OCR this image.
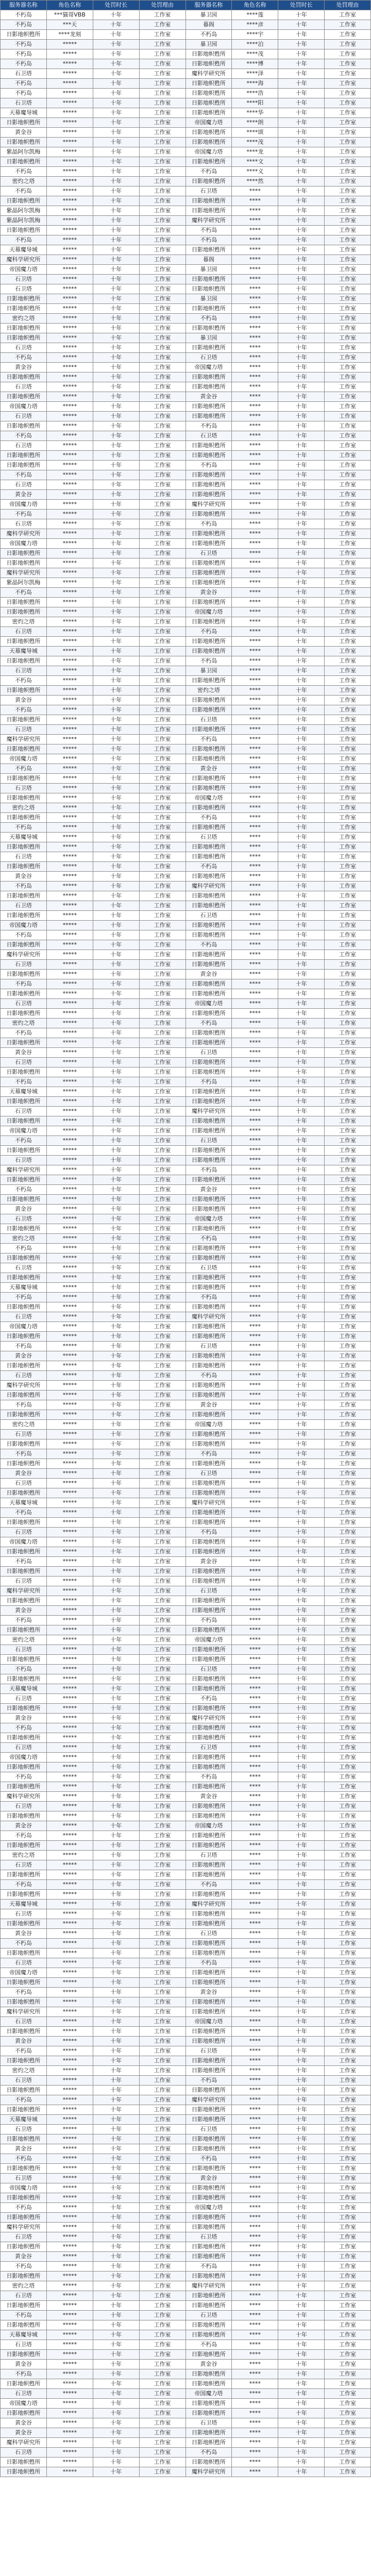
服务器名称	角色名称	处罚时长	处罚理由	服务器名称	角色名称	处罚时长	处罚理由
不朽岛	***猫哥VBB	十年	工作室	暴卫园	****莲	十年	工作室
不朽岛	***天	十年	工作室	暮阁	****彦	十年	工作室
日影地帜甦所	****龙刻	十年	工作室	不朽岛	****宇	十年	工作室
不朽岛	*****	十年	工作室	暴卫园	****泊	十年	工作室
不朽岛	*****	十年	工作室	日影地帜甦所	****茂	十年	工作室
不朽岛	*****	十年	工作室	日影地帜甦所	****博	十年	工作室
石卫塔	*****	十年	工作室	魔科学研究所	****泽	十年	工作室
不朽岛	*****	十年	工作室	日影地帜甦所	****海	十年	工作室
不朽岛	*****	十年	工作室	日影地帜甦所	****浩	十年	工作室
石卫塔	*****	十年	工作室	日影地帜甦所	****阳	十年	工作室
天幕魔导城	*****	十年	工作室	日影地帜甦所	****华	十年	工作室
日影地帜甦所	*****	十年	工作室	帝国魔力塔	****朗	十年	工作室
黄金谷	*****	十年	工作室	日影地帜甦所	****颂	十年	工作室
日影地帜甦所	*****	十年	工作室	日影地帜甦所	****茂	十年	工作室
紫晶阿尔凯梅	*****	十年	工作室	帝国魔力塔	****龙	十年	工作室
日影地帜甦所	*****	十年	工作室	日影地帜甦所	****文	十年	工作室
不朽岛	*****	十年	工作室	不朽岛	****义	十年	工作室
密灼之塔	*****	十年	工作室	日影地帜甦所	****然	十年	工作室
不朽岛	*****	十年	工作室	石卫塔	****	十年	工作室
日影地帜甦所	*****	十年	工作室	日影地帜甦所	****	十年	工作室
紫晶阿尔凯梅	*****	十年	工作室	日影地帜甦所	****	十年	工作室
紫晶阿尔凯梅	*****	十年	工作室	魔科学研究所	****	十年	工作室
日影地帜甦所	*****	十年	工作室	不朽岛	****	十年	工作室
不朽岛	*****	十年	工作室	不朽岛	****	十年	工作室
天幕魔导城	*****	十年	工作室	日影地帜甦所	****	十年	工作室
魔科学研究所	*****	十年	工作室	暮阁	****	十年	工作室
帝国魔力塔	*****	十年	工作室	暴卫园	****	十年	工作室
石卫塔	*****	十年	工作室	日影地帜甦所	****	十年	工作室
石卫塔	*****	十年	工作室	日影地帜甦所	****	十年	工作室
日影地帜甦所	*****	十年	工作室	暴卫园	****	十年	工作室
日影地帜甦所	*****	十年	工作室	日影地帜甦所	****	十年	工作室
密灼之塔	*****	十年	工作室	不朽岛	****	十年	工作室
日影地帜甦所	*****	十年	工作室	日影地帜甦所	****	十年	工作室
日影地帜甦所	*****	十年	工作室	暴卫园	****	十年	工作室
石卫塔	*****	十年	工作室	日影地帜甦所	****	十年	工作室
不朽岛	*****	十年	工作室	石卫塔	****	十年	工作室
黄金谷	*****	十年	工作室	帝国魔力塔	****	十年	工作室
日影地帜甦所	*****	十年	工作室	日影地帜甦所	****	十年	工作室
石卫塔	*****	十年	工作室	日影地帜甦所	****	十年	工作室
日影地帜甦所	*****	十年	工作室	黄金谷	****	十年	工作室
帝国魔力塔	*****	十年	工作室	日影地帜甦所	****	十年	工作室
石卫塔	*****	十年	工作室	日影地帜甦所	****	十年	工作室
日影地帜甦所	*****	十年	工作室	不朽岛	****	十年	工作室
不朽岛	*****	十年	工作室	石卫塔	****	十年	工作室
石卫塔	*****	十年	工作室	日影地帜甦所	****	十年	工作室
日影地帜甦所	*****	十年	工作室	日影地帜甦所	****	十年	工作室
日影地帜甦所	*****	十年	工作室	不朽岛	****	十年	工作室
不朽岛	*****	十年	工作室	日影地帜甦所	****	十年	工作室
石卫塔	*****	十年	工作室	日影地帜甦所	****	十年	工作室
黄金谷	*****	十年	工作室	日影地帜甦所	****	十年	工作室
帝国魔力塔	*****	十年	工作室	魔科学研究所	****	十年	工作室
不朽岛	*****	十年	工作室	日影地帜甦所	****	十年	工作室
石卫塔	*****	十年	工作室	不朽岛	****	十年	工作室
魔科学研究所	*****	十年	工作室	日影地帜甦所	****	十年	工作室
帝国魔力塔	*****	十年	工作室	日影地帜甦所	****	十年	工作室
日影地帜甦所	*****	十年	工作室	石卫塔	****	十年	工作室
日影地帜甦所	*****	十年	工作室	日影地帜甦所	****	十年	工作室
魔科学研究所	*****	十年	工作室	日影地帜甦所	****	十年	工作室
紫晶阿尔凯梅	*****	十年	工作室	日影地帜甦所	****	十年	工作室
不朽岛	*****	十年	工作室	黄金谷	****	十年	工作室
日影地帜甦所	*****	十年	工作室	日影地帜甦所	****	十年	工作室
日影地帜甦所	*****	十年	工作室	帝国魔力塔	****	十年	工作室
密灼之塔	*****	十年	工作室	日影地帜甦所	****	十年	工作室
石卫塔	*****	十年	工作室	不朽岛	****	十年	工作室
日影地帜甦所	*****	十年	工作室	日影地帜甦所	****	十年	工作室
天幕魔导城	*****	十年	工作室	日影地帜甦所	****	十年	工作室
日影地帜甦所	*****	十年	工作室	不朽岛	****	十年	工作室
石卫塔	*****	十年	工作室	暴卫园	****	十年	工作室
不朽岛	*****	十年	工作室	日影地帜甦所	****	十年	工作室
日影地帜甦所	*****	十年	工作室	密灼之塔	****	十年	工作室
黄金谷	*****	十年	工作室	日影地帜甦所	****	十年	工作室
不朽岛	*****	十年	工作室	日影地帜甦所	****	十年	工作室
日影地帜甦所	*****	十年	工作室	石卫塔	****	十年	工作室
石卫塔	*****	十年	工作室	日影地帜甦所	****	十年	工作室
魔科学研究所	*****	十年	工作室	不朽岛	****	十年	工作室
日影地帜甦所	*****	十年	工作室	日影地帜甦所	****	十年	工作室
帝国魔力塔	*****	十年	工作室	日影地帜甦所	****	十年	工作室
不朽岛	*****	十年	工作室	黄金谷	****	十年	工作室
日影地帜甦所	*****	十年	工作室	日影地帜甦所	****	十年	工作室
石卫塔	*****	十年	工作室	日影地帜甦所	****	十年	工作室
日影地帜甦所	*****	十年	工作室	帝国魔力塔	****	十年	工作室
密灼之塔	*****	十年	工作室	日影地帜甦所	****	十年	工作室
日影地帜甦所	*****	十年	工作室	不朽岛	****	十年	工作室
不朽岛	*****	十年	工作室	日影地帜甦所	****	十年	工作室
天幕魔导城	*****	十年	工作室	石卫塔	****	十年	工作室
日影地帜甦所	*****	十年	工作室	日影地帜甦所	****	十年	工作室
石卫塔	*****	十年	工作室	日影地帜甦所	****	十年	工作室
日影地帜甦所	*****	十年	工作室	不朽岛	****	十年	工作室
黄金谷	*****	十年	工作室	日影地帜甦所	****	十年	工作室
不朽岛	*****	十年	工作室	魔科学研究所	****	十年	工作室
日影地帜甦所	*****	十年	工作室	日影地帜甦所	****	十年	工作室
石卫塔	*****	十年	工作室	日影地帜甦所	****	十年	工作室
日影地帜甦所	*****	十年	工作室	石卫塔	****	十年	工作室
帝国魔力塔	*****	十年	工作室	日影地帜甦所	****	十年	工作室
不朽岛	*****	十年	工作室	日影地帜甦所	****	十年	工作室
日影地帜甦所	*****	十年	工作室	不朽岛	****	十年	工作室
魔科学研究所	*****	十年	工作室	日影地帜甦所	****	十年	工作室
石卫塔	*****	十年	工作室	日影地帜甦所	****	十年	工作室
日影地帜甦所	*****	十年	工作室	黄金谷	****	十年	工作室
不朽岛	*****	十年	工作室	日影地帜甦所	****	十年	工作室
日影地帜甦所	*****	十年	工作室	日影地帜甦所	****	十年	工作室
石卫塔	*****	十年	工作室	帝国魔力塔	****	十年	工作室
日影地帜甦所	*****	十年	工作室	日影地帜甦所	****	十年	工作室
密灼之塔	*****	十年	工作室	不朽岛	****	十年	工作室
不朽岛	*****	十年	工作室	日影地帜甦所	****	十年	工作室
日影地帜甦所	*****	十年	工作室	日影地帜甦所	****	十年	工作室
黄金谷	*****	十年	工作室	石卫塔	****	十年	工作室
石卫塔	*****	十年	工作室	日影地帜甦所	****	十年	工作室
日影地帜甦所	*****	十年	工作室	日影地帜甦所	****	十年	工作室
不朽岛	*****	十年	工作室	不朽岛	****	十年	工作室
天幕魔导城	*****	十年	工作室	日影地帜甦所	****	十年	工作室
日影地帜甦所	*****	十年	工作室	日影地帜甦所	****	十年	工作室
石卫塔	*****	十年	工作室	魔科学研究所	****	十年	工作室
日影地帜甦所	*****	十年	工作室	日影地帜甦所	****	十年	工作室
帝国魔力塔	*****	十年	工作室	日影地帜甦所	****	十年	工作室
不朽岛	*****	十年	工作室	石卫塔	****	十年	工作室
日影地帜甦所	*****	十年	工作室	日影地帜甦所	****	十年	工作室
石卫塔	*****	十年	工作室	日影地帜甦所	****	十年	工作室
魔科学研究所	*****	十年	工作室	不朽岛	****	十年	工作室
日影地帜甦所	*****	十年	工作室	日影地帜甦所	****	十年	工作室
不朽岛	*****	十年	工作室	黄金谷	****	十年	工作室
日影地帜甦所	*****	十年	工作室	日影地帜甦所	****	十年	工作室
黄金谷	*****	十年	工作室	日影地帜甦所	****	十年	工作室
石卫塔	*****	十年	工作室	帝国魔力塔	****	十年	工作室
日影地帜甦所	*****	十年	工作室	日影地帜甦所	****	十年	工作室
密灼之塔	*****	十年	工作室	不朽岛	****	十年	工作室
不朽岛	*****	十年	工作室	日影地帜甦所	****	十年	工作室
日影地帜甦所	*****	十年	工作室	日影地帜甦所	****	十年	工作室
石卫塔	*****	十年	工作室	石卫塔	****	十年	工作室
日影地帜甦所	*****	十年	工作室	日影地帜甦所	****	十年	工作室
天幕魔导城	*****	十年	工作室	日影地帜甦所	****	十年	工作室
不朽岛	*****	十年	工作室	不朽岛	****	十年	工作室
日影地帜甦所	*****	十年	工作室	日影地帜甦所	****	十年	工作室
石卫塔	*****	十年	工作室	魔科学研究所	****	十年	工作室
帝国魔力塔	*****	十年	工作室	日影地帜甦所	****	十年	工作室
日影地帜甦所	*****	十年	工作室	日影地帜甦所	****	十年	工作室
不朽岛	*****	十年	工作室	石卫塔	****	十年	工作室
黄金谷	*****	十年	工作室	日影地帜甦所	****	十年	工作室
日影地帜甦所	*****	十年	工作室	日影地帜甦所	****	十年	工作室
石卫塔	*****	十年	工作室	不朽岛	****	十年	工作室
魔科学研究所	*****	十年	工作室	日影地帜甦所	****	十年	工作室
日影地帜甦所	*****	十年	工作室	日影地帜甦所	****	十年	工作室
不朽岛	*****	十年	工作室	黄金谷	****	十年	工作室
日影地帜甦所	*****	十年	工作室	日影地帜甦所	****	十年	工作室
密灼之塔	*****	十年	工作室	帝国魔力塔	****	十年	工作室
石卫塔	*****	十年	工作室	日影地帜甦所	****	十年	工作室
日影地帜甦所	*****	十年	工作室	日影地帜甦所	****	十年	工作室
不朽岛	*****	十年	工作室	不朽岛	****	十年	工作室
日影地帜甦所	*****	十年	工作室	日影地帜甦所	****	十年	工作室
黄金谷	*****	十年	工作室	石卫塔	****	十年	工作室
石卫塔	*****	十年	工作室	日影地帜甦所	****	十年	工作室
日影地帜甦所	*****	十年	工作室	日影地帜甦所	****	十年	工作室
天幕魔导城	*****	十年	工作室	魔科学研究所	****	十年	工作室
不朽岛	*****	十年	工作室	日影地帜甦所	****	十年	工作室
日影地帜甦所	*****	十年	工作室	日影地帜甦所	****	十年	工作室
石卫塔	*****	十年	工作室	不朽岛	****	十年	工作室
帝国魔力塔	*****	十年	工作室	日影地帜甦所	****	十年	工作室
日影地帜甦所	*****	十年	工作室	日影地帜甦所	****	十年	工作室
不朽岛	*****	十年	工作室	黄金谷	****	十年	工作室
日影地帜甦所	*****	十年	工作室	日影地帜甦所	****	十年	工作室
石卫塔	*****	十年	工作室	日影地帜甦所	****	十年	工作室
魔科学研究所	*****	十年	工作室	石卫塔	****	十年	工作室
日影地帜甦所	*****	十年	工作室	日影地帜甦所	****	十年	工作室
黄金谷	*****	十年	工作室	日影地帜甦所	****	十年	工作室
不朽岛	*****	十年	工作室	不朽岛	****	十年	工作室
日影地帜甦所	*****	十年	工作室	日影地帜甦所	****	十年	工作室
密灼之塔	*****	十年	工作室	帝国魔力塔	****	十年	工作室
石卫塔	*****	十年	工作室	日影地帜甦所	****	十年	工作室
日影地帜甦所	*****	十年	工作室	日影地帜甦所	****	十年	工作室
不朽岛	*****	十年	工作室	石卫塔	****	十年	工作室
日影地帜甦所	*****	十年	工作室	日影地帜甦所	****	十年	工作室
天幕魔导城	*****	十年	工作室	日影地帜甦所	****	十年	工作室
石卫塔	*****	十年	工作室	不朽岛	****	十年	工作室
日影地帜甦所	*****	十年	工作室	日影地帜甦所	****	十年	工作室
黄金谷	*****	十年	工作室	魔科学研究所	****	十年	工作室
不朽岛	*****	十年	工作室	日影地帜甦所	****	十年	工作室
日影地帜甦所	*****	十年	工作室	日影地帜甦所	****	十年	工作室
石卫塔	*****	十年	工作室	石卫塔	****	十年	工作室
帝国魔力塔	*****	十年	工作室	日影地帜甦所	****	十年	工作室
日影地帜甦所	*****	十年	工作室	日影地帜甦所	****	十年	工作室
不朽岛	*****	十年	工作室	不朽岛	****	十年	工作室
日影地帜甦所	*****	十年	工作室	日影地帜甦所	****	十年	工作室
魔科学研究所	*****	十年	工作室	黄金谷	****	十年	工作室
石卫塔	*****	十年	工作室	日影地帜甦所	****	十年	工作室
日影地帜甦所	*****	十年	工作室	日影地帜甦所	****	十年	工作室
黄金谷	*****	十年	工作室	帝国魔力塔	****	十年	工作室
不朽岛	*****	十年	工作室	日影地帜甦所	****	十年	工作室
日影地帜甦所	*****	十年	工作室	日影地帜甦所	****	十年	工作室
密灼之塔	*****	十年	工作室	石卫塔	****	十年	工作室
石卫塔	*****	十年	工作室	日影地帜甦所	****	十年	工作室
日影地帜甦所	*****	十年	工作室	日影地帜甦所	****	十年	工作室
不朽岛	*****	十年	工作室	不朽岛	****	十年	工作室
日影地帜甦所	*****	十年	工作室	日影地帜甦所	****	十年	工作室
天幕魔导城	*****	十年	工作室	魔科学研究所	****	十年	工作室
石卫塔	*****	十年	工作室	日影地帜甦所	****	十年	工作室
日影地帜甦所	*****	十年	工作室	日影地帜甦所	****	十年	工作室
黄金谷	*****	十年	工作室	石卫塔	****	十年	工作室
不朽岛	*****	十年	工作室	日影地帜甦所	****	十年	工作室
日影地帜甦所	*****	十年	工作室	日影地帜甦所	****	十年	工作室
石卫塔	*****	十年	工作室	不朽岛	****	十年	工作室
帝国魔力塔	*****	十年	工作室	日影地帜甦所	****	十年	工作室
日影地帜甦所	*****	十年	工作室	日影地帜甦所	****	十年	工作室
不朽岛	*****	十年	工作室	黄金谷	****	十年	工作室
日影地帜甦所	*****	十年	工作室	日影地帜甦所	****	十年	工作室
魔科学研究所	*****	十年	工作室	日影地帜甦所	****	十年	工作室
石卫塔	*****	十年	工作室	帝国魔力塔	****	十年	工作室
日影地帜甦所	*****	十年	工作室	日影地帜甦所	****	十年	工作室
黄金谷	*****	十年	工作室	日影地帜甦所	****	十年	工作室
不朽岛	*****	十年	工作室	石卫塔	****	十年	工作室
日影地帜甦所	*****	十年	工作室	日影地帜甦所	****	十年	工作室
密灼之塔	*****	十年	工作室	日影地帜甦所	****	十年	工作室
石卫塔	*****	十年	工作室	不朽岛	****	十年	工作室
日影地帜甦所	*****	十年	工作室	日影地帜甦所	****	十年	工作室
不朽岛	*****	十年	工作室	魔科学研究所	****	十年	工作室
日影地帜甦所	*****	十年	工作室	日影地帜甦所	****	十年	工作室
天幕魔导城	*****	十年	工作室	日影地帜甦所	****	十年	工作室
石卫塔	*****	十年	工作室	石卫塔	****	十年	工作室
日影地帜甦所	*****	十年	工作室	日影地帜甦所	****	十年	工作室
黄金谷	*****	十年	工作室	日影地帜甦所	****	十年	工作室
不朽岛	*****	十年	工作室	不朽岛	****	十年	工作室
日影地帜甦所	*****	十年	工作室	日影地帜甦所	****	十年	工作室
石卫塔	*****	十年	工作室	黄金谷	****	十年	工作室
帝国魔力塔	*****	十年	工作室	日影地帜甦所	****	十年	工作室
日影地帜甦所	*****	十年	工作室	日影地帜甦所	****	十年	工作室
不朽岛	*****	十年	工作室	帝国魔力塔	****	十年	工作室
日影地帜甦所	*****	十年	工作室	日影地帜甦所	****	十年	工作室
魔科学研究所	*****	十年	工作室	日影地帜甦所	****	十年	工作室
石卫塔	*****	十年	工作室	石卫塔	****	十年	工作室
日影地帜甦所	*****	十年	工作室	日影地帜甦所	****	十年	工作室
黄金谷	*****	十年	工作室	日影地帜甦所	****	十年	工作室
不朽岛	*****	十年	工作室	不朽岛	****	十年	工作室
日影地帜甦所	*****	十年	工作室	日影地帜甦所	****	十年	工作室
密灼之塔	*****	十年	工作室	魔科学研究所	****	十年	工作室
石卫塔	*****	十年	工作室	日影地帜甦所	****	十年	工作室
日影地帜甦所	*****	十年	工作室	日影地帜甦所	****	十年	工作室
不朽岛	*****	十年	工作室	石卫塔	****	十年	工作室
日影地帜甦所	*****	十年	工作室	日影地帜甦所	****	十年	工作室
天幕魔导城	*****	十年	工作室	日影地帜甦所	****	十年	工作室
石卫塔	*****	十年	工作室	不朽岛	****	十年	工作室
日影地帜甦所	*****	十年	工作室	日影地帜甦所	****	十年	工作室
黄金谷	*****	十年	工作室	黄金谷	****	十年	工作室
不朽岛	*****	十年	工作室	日影地帜甦所	****	十年	工作室
日影地帜甦所	*****	十年	工作室	日影地帜甦所	****	十年	工作室
石卫塔	*****	十年	工作室	帝国魔力塔	****	十年	工作室
帝国魔力塔	*****	十年	工作室	日影地帜甦所	****	十年	工作室
日影地帜甦所	*****	十年	工作室	日影地帜甦所	****	十年	工作室
黄金谷	*****	十年	工作室	石卫塔	****	十年	工作室
黄金谷	*****	十年	工作室	日影地帜甦所	****	十年	工作室
魔科学研究所	*****	十年	工作室	日影地帜甦所	****	十年	工作室
石卫塔	*****	十年	工作室	不朽岛	****	十年	工作室
日影地帜甦所	*****	十年	工作室	日影地帜甦所	****	十年	工作室
日影地帜甦所	*****	十年	工作室	魔科学研究所	****	十年	工作室
